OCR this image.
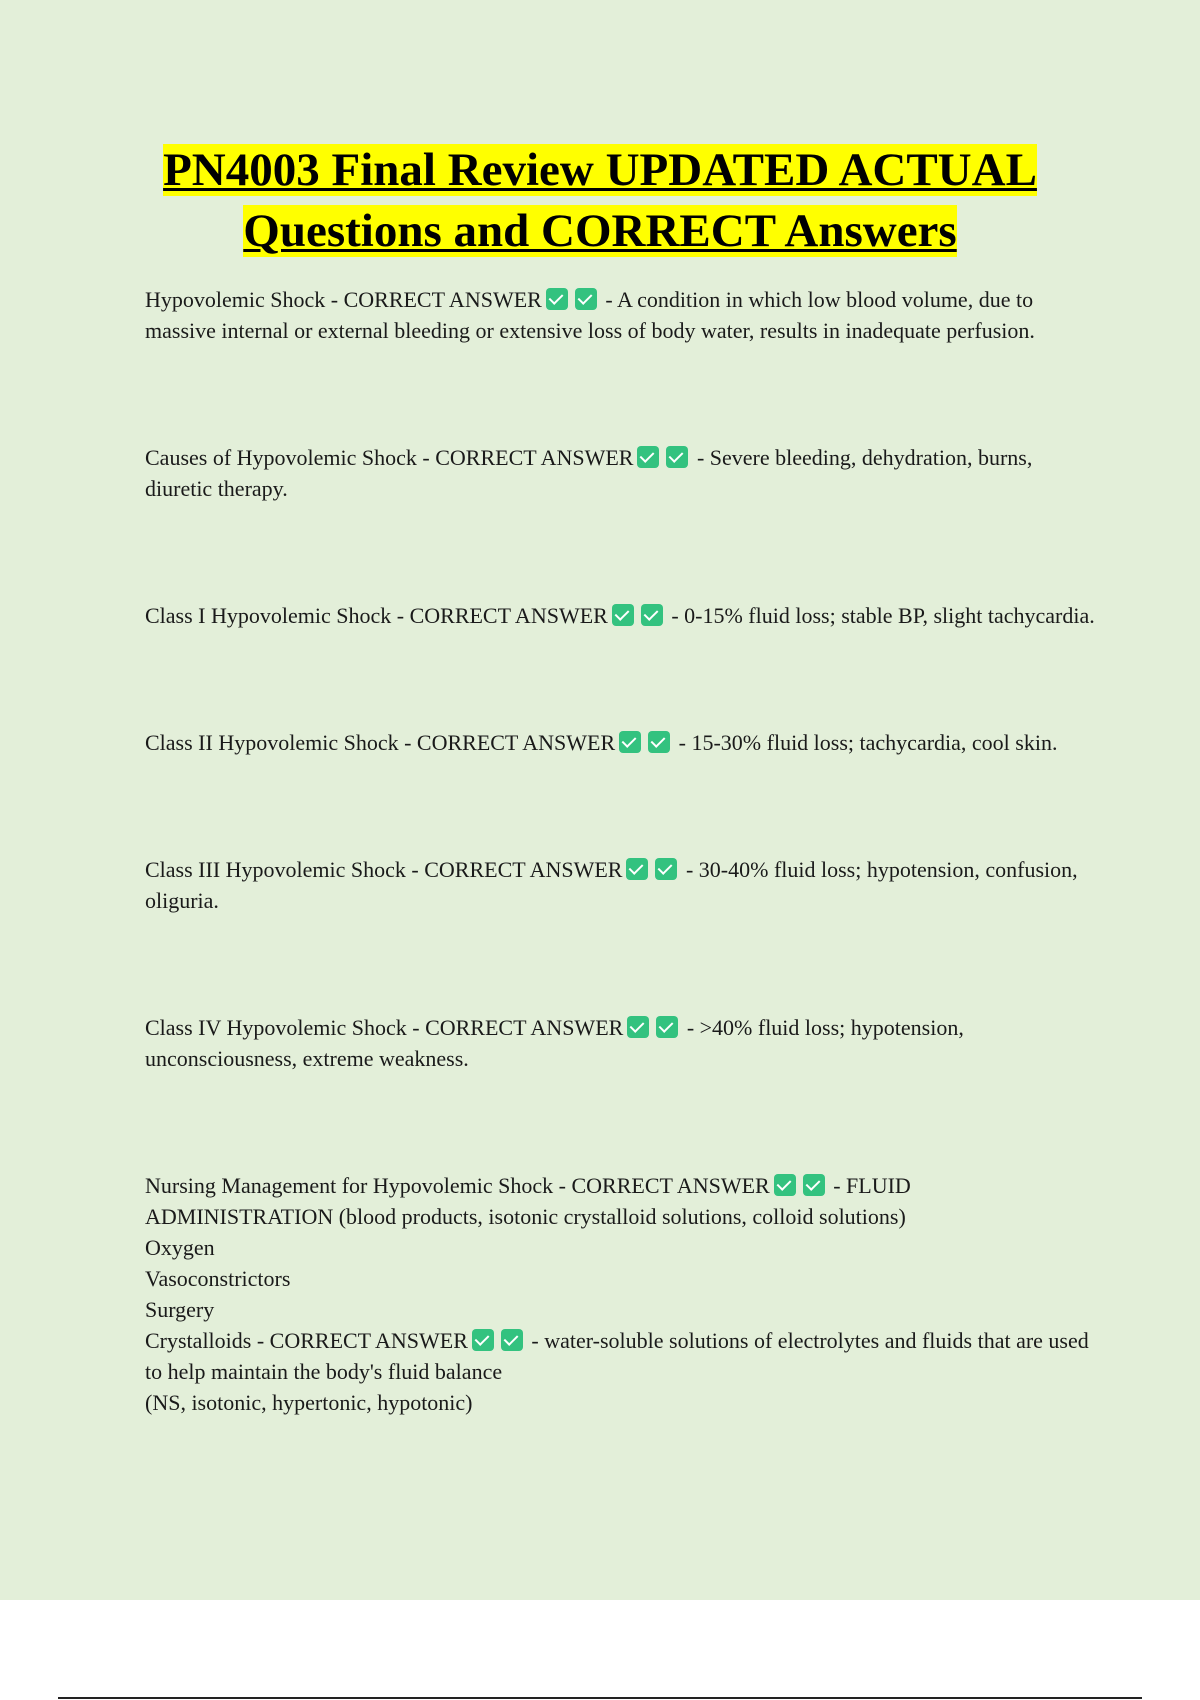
PN4003 Final Review UPDATED ACTUAL
Questions and CORRECT Answers

Hypovolemic Shock - CORRECT ANSWER	- A condition in which low blood volume, due to massive internal or external bleeding or extensive loss of body water, results in inadequate perfusion.

Causes of Hypovolemic Shock - CORRECT ANSWER	- Severe bleeding, dehydration, burns, diuretic therapy.

Class I Hypovolemic Shock - CORRECT ANSWER	- 0-15% fluid loss; stable BP, slight tachycardia.

Class II Hypovolemic Shock - CORRECT ANSWER	- 15-30% fluid loss; tachycardia, cool skin.

Class III Hypovolemic Shock - CORRECT ANSWER	- 30-40% fluid loss; hypotension, confusion, oliguria.

Class IV Hypovolemic Shock - CORRECT ANSWER	- >40% fluid loss; hypotension, unconsciousness, extreme weakness.

Nursing Management for Hypovolemic Shock - CORRECT ANSWER	- FLUID ADMINISTRATION (blood products, isotonic crystalloid solutions, colloid solutions)

Oxygen

Vasoconstrictors

Surgery

Crystalloids - CORRECT ANSWER	- water-soluble solutions of electrolytes and fluids that are used to help maintain the body's fluid balance

(NS, isotonic, hypertonic, hypotonic)
